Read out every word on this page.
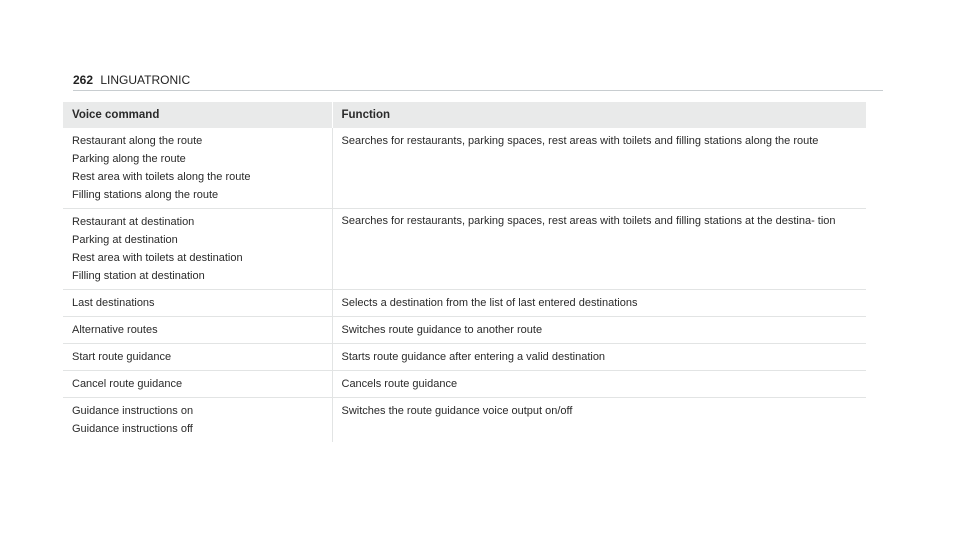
262 LINGUATRONIC
Voice command	Function

Restaurant along the route
Parking along the route
Rest area with toilets along the route
Filling stations along the route	Searches for restaurants, parking spaces, rest areas with toilets and filling stations along the route

Restaurant at destination
Parking at destination
Rest area with toilets at destination
Filling station at destination	Searches for restaurants, parking spaces, rest areas with toilets and filling stations at the destina- tion

Last destinations	Selects a destination from the list of last entered destinations
Alternative routes	Switches route guidance to another route
Start route guidance	Starts route guidance after entering a valid destination
Cancel route guidance	Cancels route guidance

Guidance instructions on
Guidance instructions off	Switches the route guidance voice output on/off
